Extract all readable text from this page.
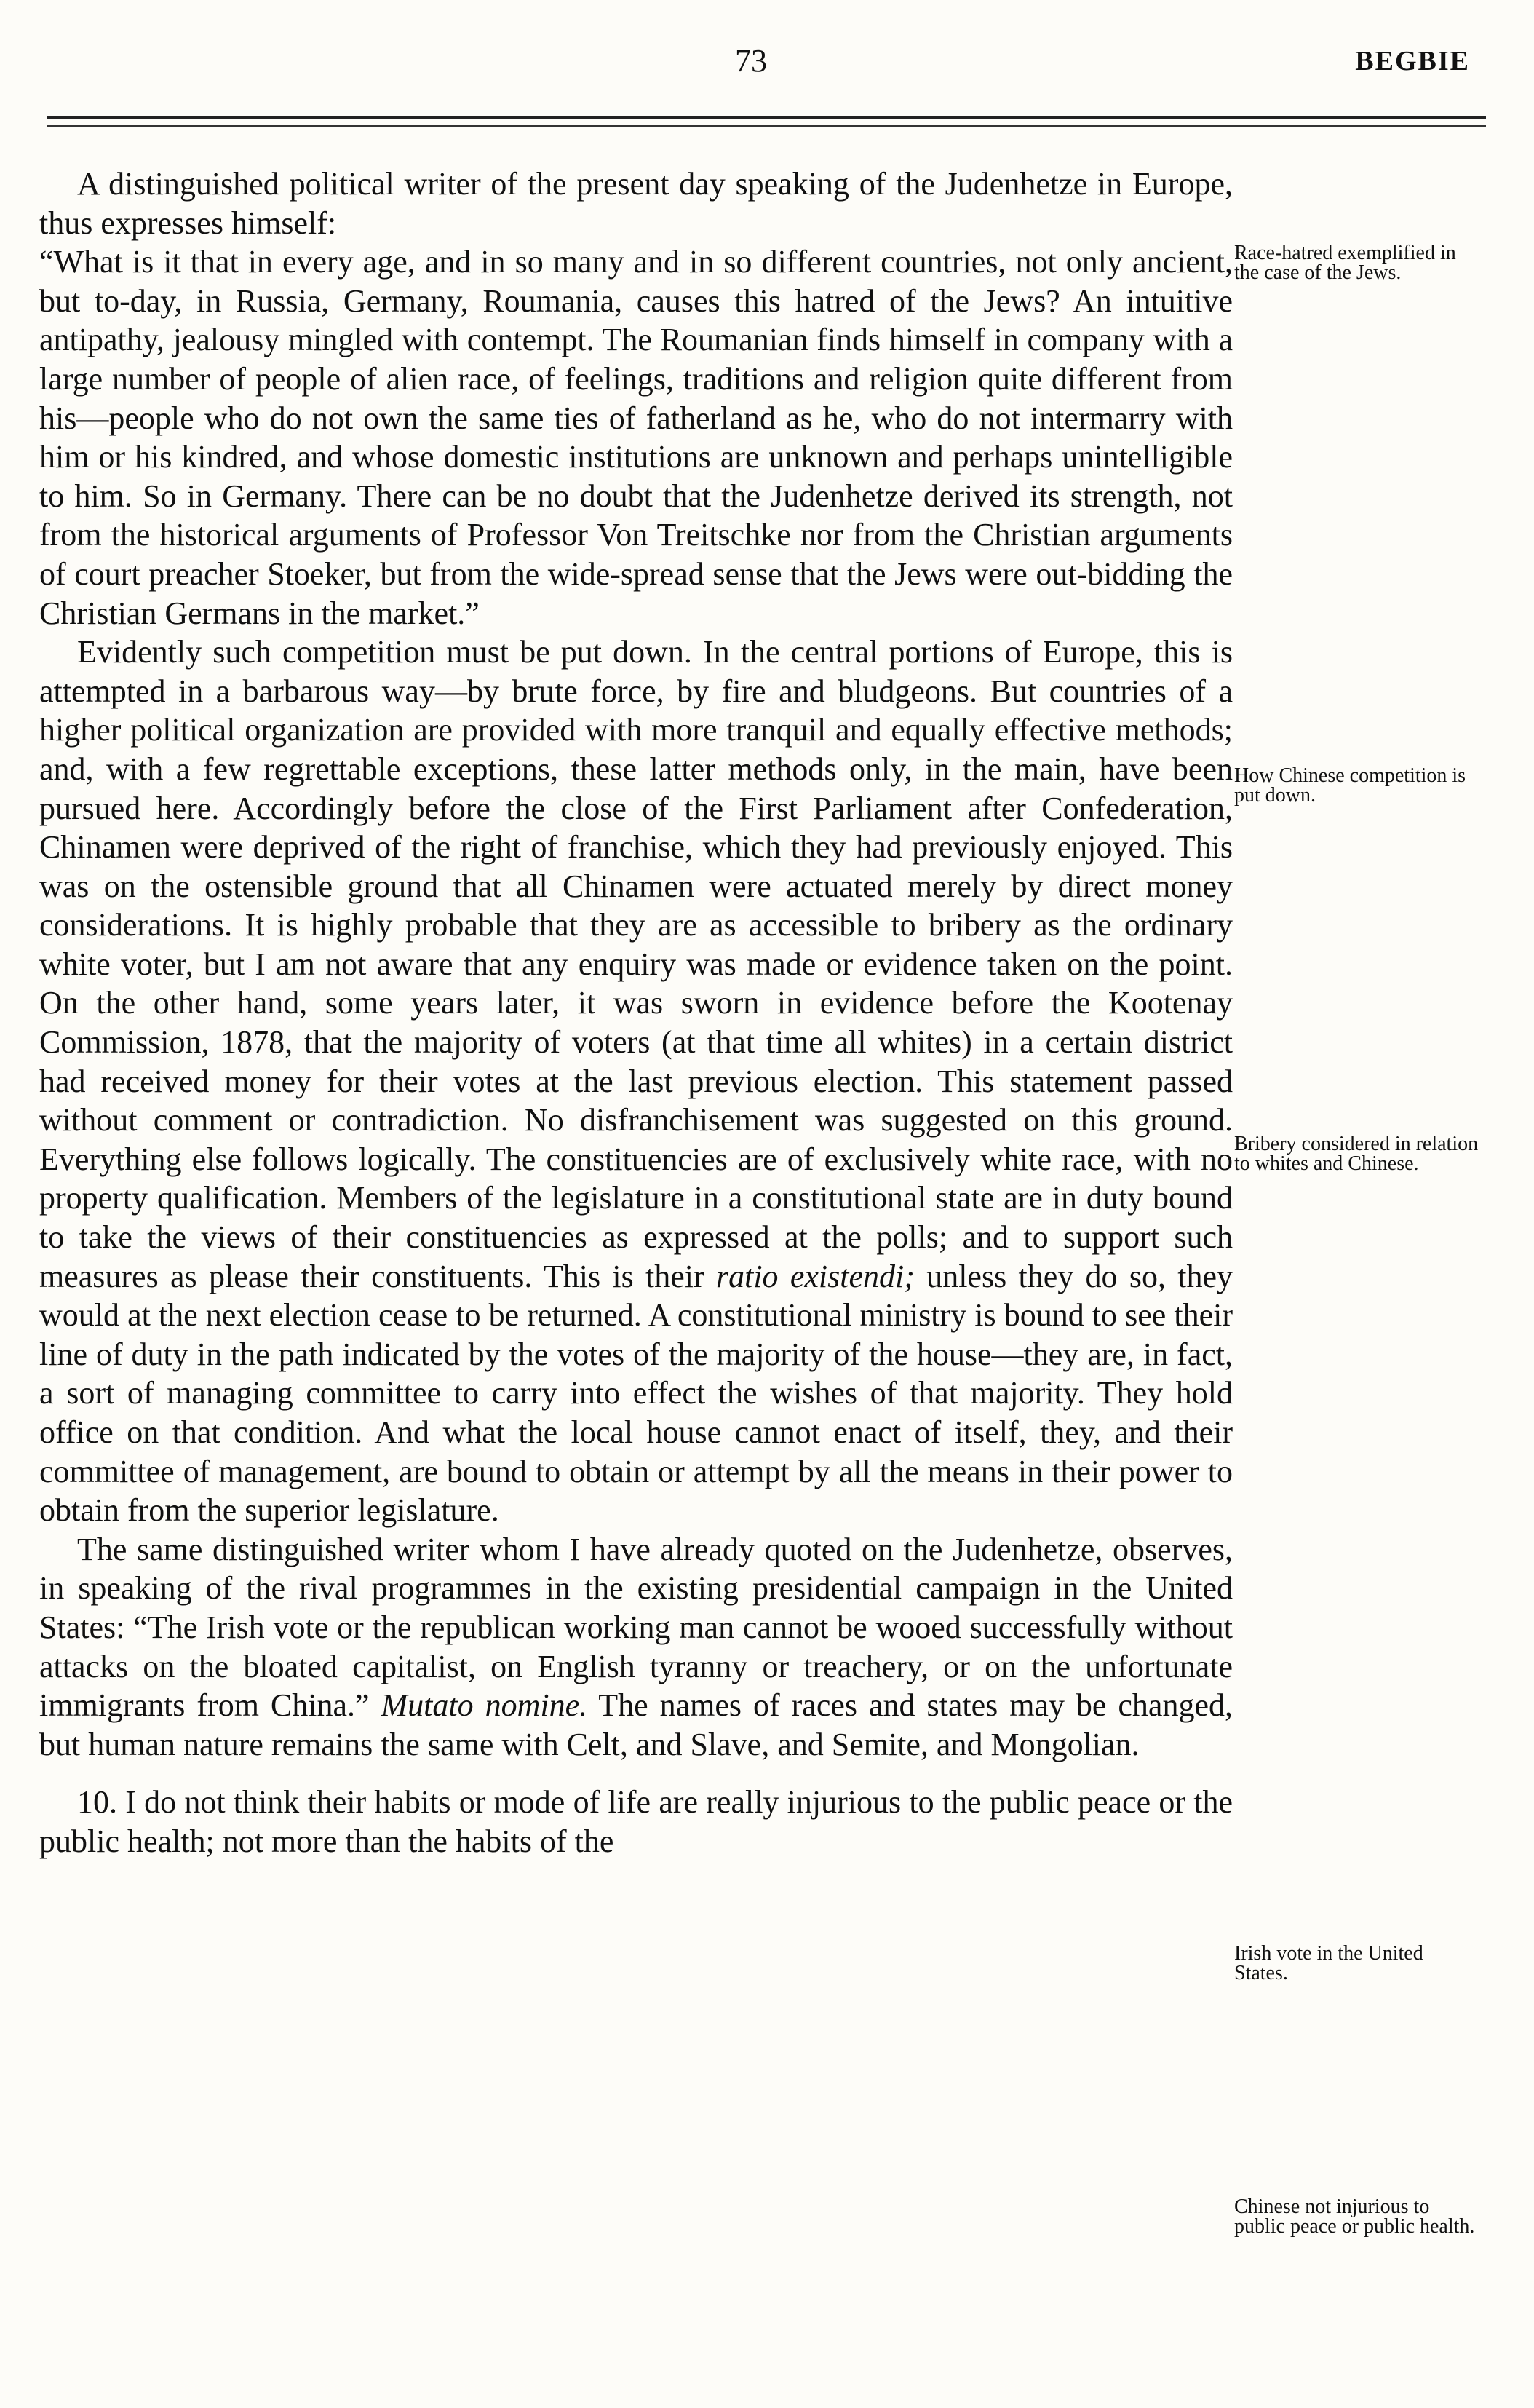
73	BEGBIE

A distinguished political writer of the present day speaking of the Judenhetze in Europe, thus expresses himself:

“What is it that in every age, and in so many and in so different countries, not only ancient, but to-day, in Russia, Germany, Roumania, causes this hatred of the Jews? An intuitive antipathy, jealousy mingled with contempt. The Roumanian finds himself in company with a large number of people of alien race, of feelings, traditions and religion quite different from his—people who do not own the same ties of fatherland as he, who do not intermarry with him or his kindred, and whose domestic institutions are unknown and perhaps unintelligible to him. So in Germany. There can be no doubt that the Judenhetze derived its strength, not from the historical arguments of Professor Von Treitschke nor from the Christian arguments of court preacher Stoeker, but from the wide-spread sense that the Jews were out-bidding the Christian Germans in the market.”

Evidently such competition must be put down. In the central portions of Europe, this is attempted in a barbarous way—by brute force, by fire and bludgeons. But countries of a higher political organization are provided with more tranquil and equally effective methods; and, with a few regrettable exceptions, these latter methods only, in the main, have been pursued here. Accordingly before the close of the First Parliament after Confederation, Chinamen were deprived of the right of franchise, which they had previously enjoyed. This was on the ostensible ground that all Chinamen were actuated merely by direct money considerations. It is highly probable that they are as accessible to bribery as the ordinary white voter, but I am not aware that any enquiry was made or evidence taken on the point. On the other hand, some years later, it was sworn in evidence before the Kootenay Commission, 1878, that the majority of voters (at that time all whites) in a certain district had received money for their votes at the last previous election. This statement passed without comment or contradiction. No disfranchisement was suggested on this ground. Everything else follows logically. The constituencies are of exclusively white race, with no property qualification. Members of the legislature in a constitutional state are in duty bound to take the views of their constituencies as expressed at the polls; and to support such measures as please their constituents. This is their ratio existendi; unless they do so, they would at the next election cease to be returned. A constitutional ministry is bound to see their line of duty in the path indicated by the votes of the majority of the house—they are, in fact, a sort of managing committee to carry into effect the wishes of that majority. They hold office on that condition. And what the local house cannot enact of itself, they, and their committee of management, are bound to obtain or attempt by all the means in their power to obtain from the superior legislature.

The same distinguished writer whom I have already quoted on the Judenhetze, observes, in speaking of the rival programmes in the existing presidential campaign in the United States: “The Irish vote or the republican working man cannot be wooed successfully without attacks on the bloated capitalist, on English tyranny or treachery, or on the unfortunate immigrants from China.” Mutato nomine. The names of races and states may be changed, but human nature remains the same with Celt, and Slave, and Semite, and Mongolian.

10. I do not think their habits or mode of life are really injurious to the public peace or the public health; not more than the habits of the

Race-hatred exemplified in the case of the Jews.
How Chinese competition is put down.
Bribery considered in relation to whites and Chinese.
Irish vote in the United States.
Chinese not injurious to public peace or public health.
